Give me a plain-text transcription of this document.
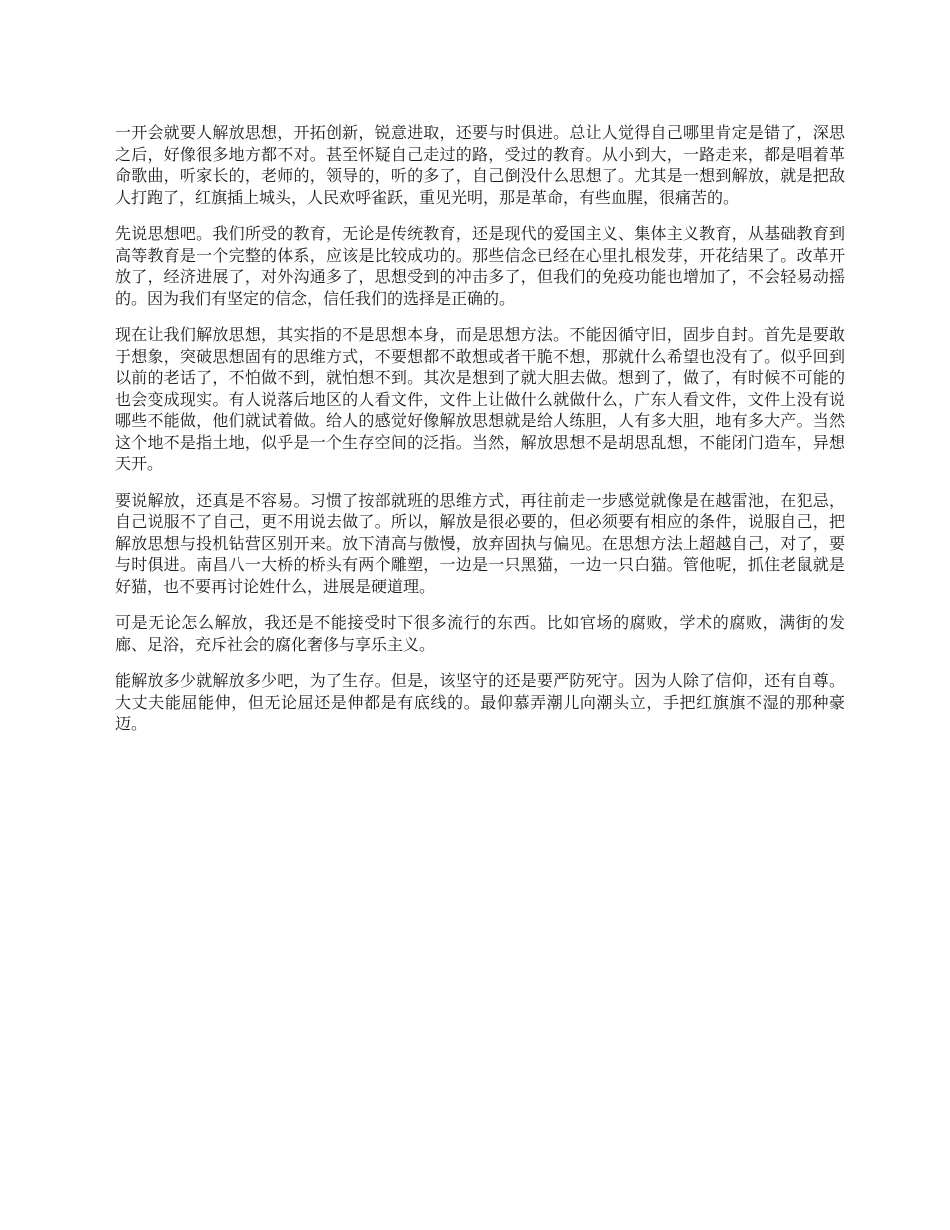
一开会就要人解放思想，开拓创新，锐意进取，还要与时俱进。总让人觉得自己哪里肯定是错了，深思之后，好像很多地方都不对。甚至怀疑自己走过的路，受过的教育。从小到大，一路走来，都是唱着革命歌曲，听家长的，老师的，领导的，听的多了，自己倒没什么思想了。尤其是一想到解放，就是把敌人打跑了，红旗插上城头，人民欢呼雀跃，重见光明，那是革命，有些血腥，很痛苦的。

先说思想吧。我们所受的教育，无论是传统教育，还是现代的爱国主义、集体主义教育，从基础教育到高等教育是一个完整的体系，应该是比较成功的。那些信念已经在心里扎根发芽，开花结果了。改革开放了，经济进展了，对外沟通多了，思想受到的冲击多了，但我们的免疫功能也增加了，不会轻易动摇的。因为我们有坚定的信念，信任我们的选择是正确的。

现在让我们解放思想，其实指的不是思想本身，而是思想方法。不能因循守旧，固步自封。首先是要敢于想象，突破思想固有的思维方式，不要想都不敢想或者干脆不想，那就什么希望也没有了。似乎回到以前的老话了，不怕做不到，就怕想不到。其次是想到了就大胆去做。想到了，做了，有时候不可能的也会变成现实。有人说落后地区的人看文件，文件上让做什么就做什么，广东人看文件，文件上没有说哪些不能做，他们就试着做。给人的感觉好像解放思想就是给人练胆，人有多大胆，地有多大产。当然这个地不是指土地，似乎是一个生存空间的泛指。当然，解放思想不是胡思乱想，不能闭门造车，异想天开。

要说解放，还真是不容易。习惯了按部就班的思维方式，再往前走一步感觉就像是在越雷池，在犯忌，自己说服不了自己，更不用说去做了。所以，解放是很必要的，但必须要有相应的条件，说服自己，把解放思想与投机钻营区别开来。放下清高与傲慢，放弃固执与偏见。在思想方法上超越自己，对了，要与时俱进。南昌八一大桥的桥头有两个雕塑，一边是一只黑猫，一边一只白猫。管他呢，抓住老鼠就是好猫，也不要再讨论姓什么，进展是硬道理。

可是无论怎么解放，我还是不能接受时下很多流行的东西。比如官场的腐败，学术的腐败，满街的发廊、足浴，充斥社会的腐化奢侈与享乐主义。

能解放多少就解放多少吧，为了生存。但是，该坚守的还是要严防死守。因为人除了信仰，还有自尊。大丈夫能屈能伸，但无论屈还是伸都是有底线的。最仰慕弄潮儿向潮头立，手把红旗旗不湿的那种豪迈。
